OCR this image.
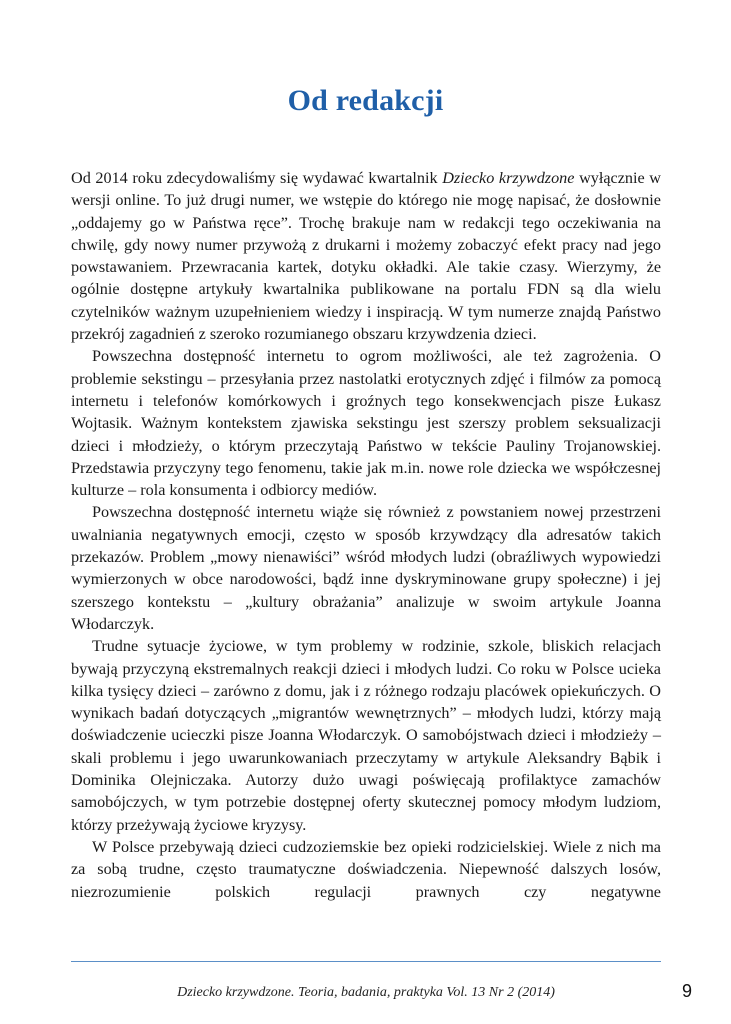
Od redakcji

Od 2014 roku zdecydowaliśmy się wydawać kwartalnik Dziecko krzywdzone wyłącznie w wersji online. To już drugi numer, we wstępie do którego nie mogę napisać, że dosłownie „oddajemy go w Państwa ręce”. Trochę brakuje nam w redakcji tego oczekiwania na chwilę, gdy nowy numer przywożą z drukarni i możemy zobaczyć efekt pracy nad jego powstawaniem. Przewracania kartek, dotyku okładki. Ale takie czasy. Wierzymy, że ogólnie dostępne artykuły kwartalnika publikowane na portalu FDN są dla wielu czytelników ważnym uzupełnieniem wiedzy i inspiracją. W tym numerze znajdą Państwo przekrój zagadnień z szeroko rozumianego obszaru krzywdzenia dzieci.

Powszechna dostępność internetu to ogrom możliwości, ale też zagrożenia. O problemie sekstingu – przesyłania przez nastolatki erotycznych zdjęć i filmów za pomocą internetu i telefonów komórkowych i groźnych tego konsekwencjach pisze Łukasz Wojtasik. Ważnym kontekstem zjawiska sekstingu jest szerszy problem seksualizacji dzieci i młodzieży, o którym przeczytają Państwo w tekście Pauliny Trojanowskiej. Przedstawia przyczyny tego fenomenu, takie jak m.in. nowe role dziecka we współczesnej kulturze – rola konsumenta i odbiorcy mediów.

Powszechna dostępność internetu wiąże się również z powstaniem nowej przestrzeni uwalniania negatywnych emocji, często w sposób krzywdzący dla adresatów takich przekazów. Problem „mowy nienawiści” wśród młodych ludzi (obraźliwych wypowiedzi wymierzonych w obce narodowości, bądź inne dyskryminowane grupy społeczne) i jej szerszego kontekstu – „kultury obrażania” analizuje w swoim artykule Joanna Włodarczyk.

Trudne sytuacje życiowe, w tym problemy w rodzinie, szkole, bliskich relacjach bywają przyczyną ekstremalnych reakcji dzieci i młodych ludzi. Co roku w Polsce ucieka kilka tysięcy dzieci – zarówno z domu, jak i z różnego rodzaju placówek opiekuńczych. O wynikach badań dotyczących „migrantów wewnętrznych” – młodych ludzi, którzy mają doświadczenie ucieczki pisze Joanna Włodarczyk. O samobójstwach dzieci i młodzieży – skali problemu i jego uwarunkowaniach przeczytamy w artykule Aleksandry Bąbik i Dominika Olejniczaka. Autorzy dużo uwagi poświęcają profilaktyce zamachów samobójczych, w tym potrzebie dostępnej oferty skutecznej pomocy młodym ludziom, którzy przeżywają życiowe kryzysy.

W Polsce przebywają dzieci cudzoziemskie bez opieki rodzicielskiej. Wiele z nich ma za sobą trudne, często traumatyczne doświadczenia. Niepewność dalszych losów, niezrozumienie polskich regulacji prawnych czy negatywne

Dziecko krzywdzone. Teoria, badania, praktyka Vol. 13 Nr 2 (2014)	9
